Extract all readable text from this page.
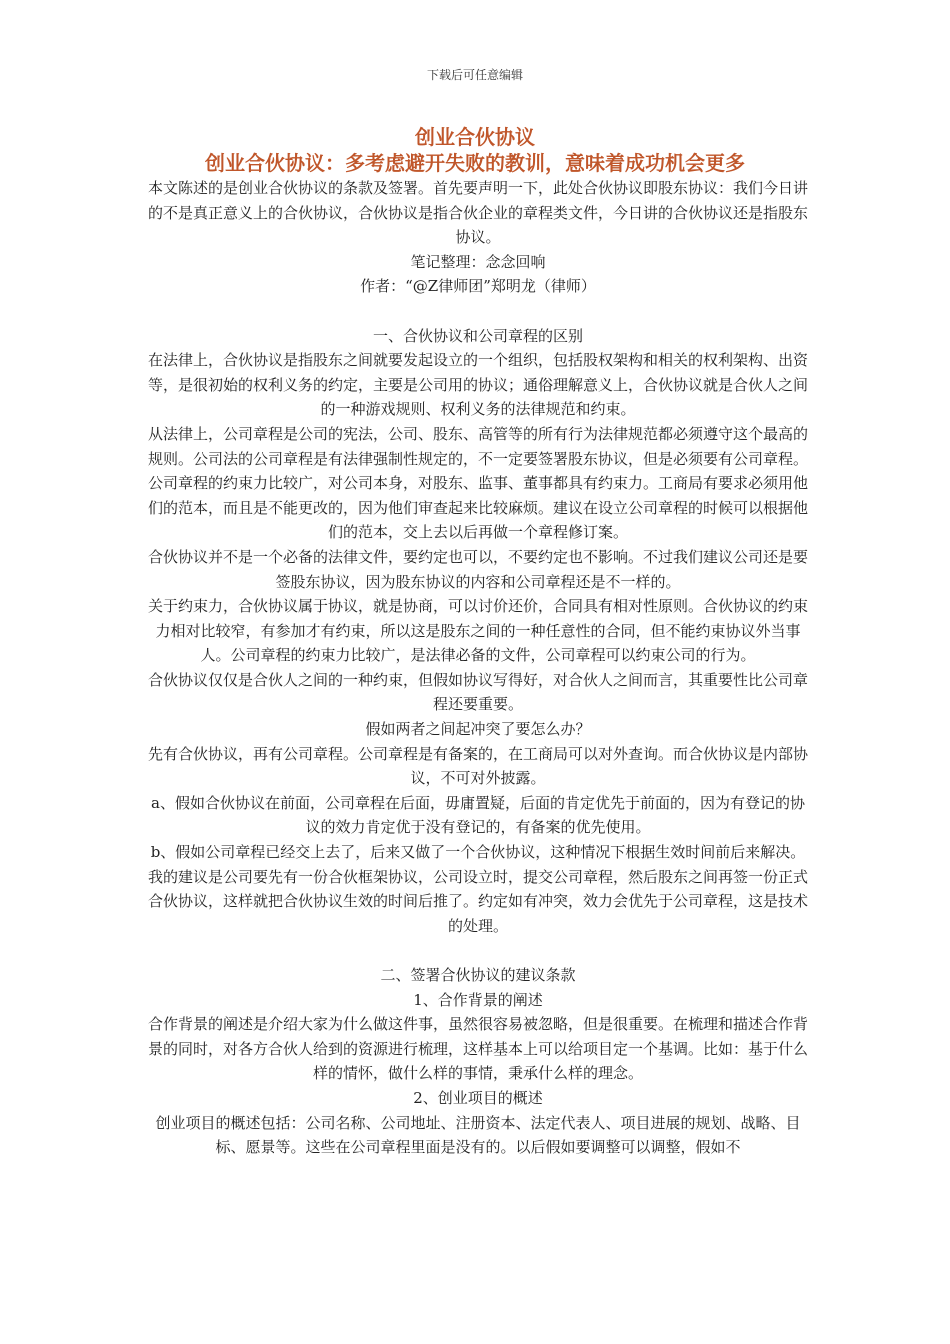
下载后可任意编辑
创业合伙协议
创业合伙协议：多考虑避开失败的教训，意味着成功机会更多

本文陈述的是创业合伙协议的条款及签署。首先要声明一下，此处合伙协议即股东协议：我们今日讲的不是真正意义上的合伙协议，合伙协议是指合伙企业的章程类文件，今日讲的合伙协议还是指股东协议。

笔记整理：念念回响

作者：“@Z律师团”郑明龙（律师）

一、合伙协议和公司章程的区别

在法律上，合伙协议是指股东之间就要发起设立的一个组织，包括股权架构和相关的权利架构、出资等，是很初始的权利义务的约定，主要是公司用的协议；通俗理解意义上，合伙协议就是合伙人之间的一种游戏规则、权利义务的法律规范和约束。

从法律上，公司章程是公司的宪法，公司、股东、高管等的所有行为法律规范都必须遵守这个最高的规则。公司法的公司章程是有法律强制性规定的，不一定要签署股东协议，但是必须要有公司章程。公司章程的约束力比较广，对公司本身，对股东、监事、董事都具有约束力。工商局有要求必须用他们的范本，而且是不能更改的，因为他们审查起来比较麻烦。建议在设立公司章程的时候可以根据他们的范本，交上去以后再做一个章程修订案。

合伙协议并不是一个必备的法律文件，要约定也可以，不要约定也不影响。不过我们建议公司还是要签股东协议，因为股东协议的内容和公司章程还是不一样的。

关于约束力，合伙协议属于协议，就是协商，可以讨价还价，合同具有相对性原则。合伙协议的约束力相对比较窄，有参加才有约束，所以这是股东之间的一种任意性的合同，但不能约束协议外当事人。公司章程的约束力比较广，是法律必备的文件，公司章程可以约束公司的行为。

合伙协议仅仅是合伙人之间的一种约束，但假如协议写得好，对合伙人之间而言，其重要性比公司章程还要重要。

假如两者之间起冲突了要怎么办？

先有合伙协议，再有公司章程。公司章程是有备案的，在工商局可以对外查询。而合伙协议是内部协议，不可对外披露。

a、假如合伙协议在前面，公司章程在后面，毋庸置疑，后面的肯定优先于前面的，因为有登记的协议的效力肯定优于没有登记的，有备案的优先使用。

b、假如公司章程已经交上去了，后来又做了一个合伙协议，这种情况下根据生效时间前后来解决。

我的建议是公司要先有一份合伙框架协议，公司设立时，提交公司章程，然后股东之间再签一份正式合伙协议，这样就把合伙协议生效的时间后推了。约定如有冲突，效力会优先于公司章程，这是技术的处理。

二、签署合伙协议的建议条款

1、合作背景的阐述

合作背景的阐述是介绍大家为什么做这件事，虽然很容易被忽略，但是很重要。在梳理和描述合作背景的同时，对各方合伙人给到的资源进行梳理，这样基本上可以给项目定一个基调。比如：基于什么样的情怀，做什么样的事情，秉承什么样的理念。

2、创业项目的概述

创业项目的概述包括：公司名称、公司地址、注册资本、法定代表人、项目进展的规划、战略、目标、愿景等。这些在公司章程里面是没有的。以后假如要调整可以调整，假如不
